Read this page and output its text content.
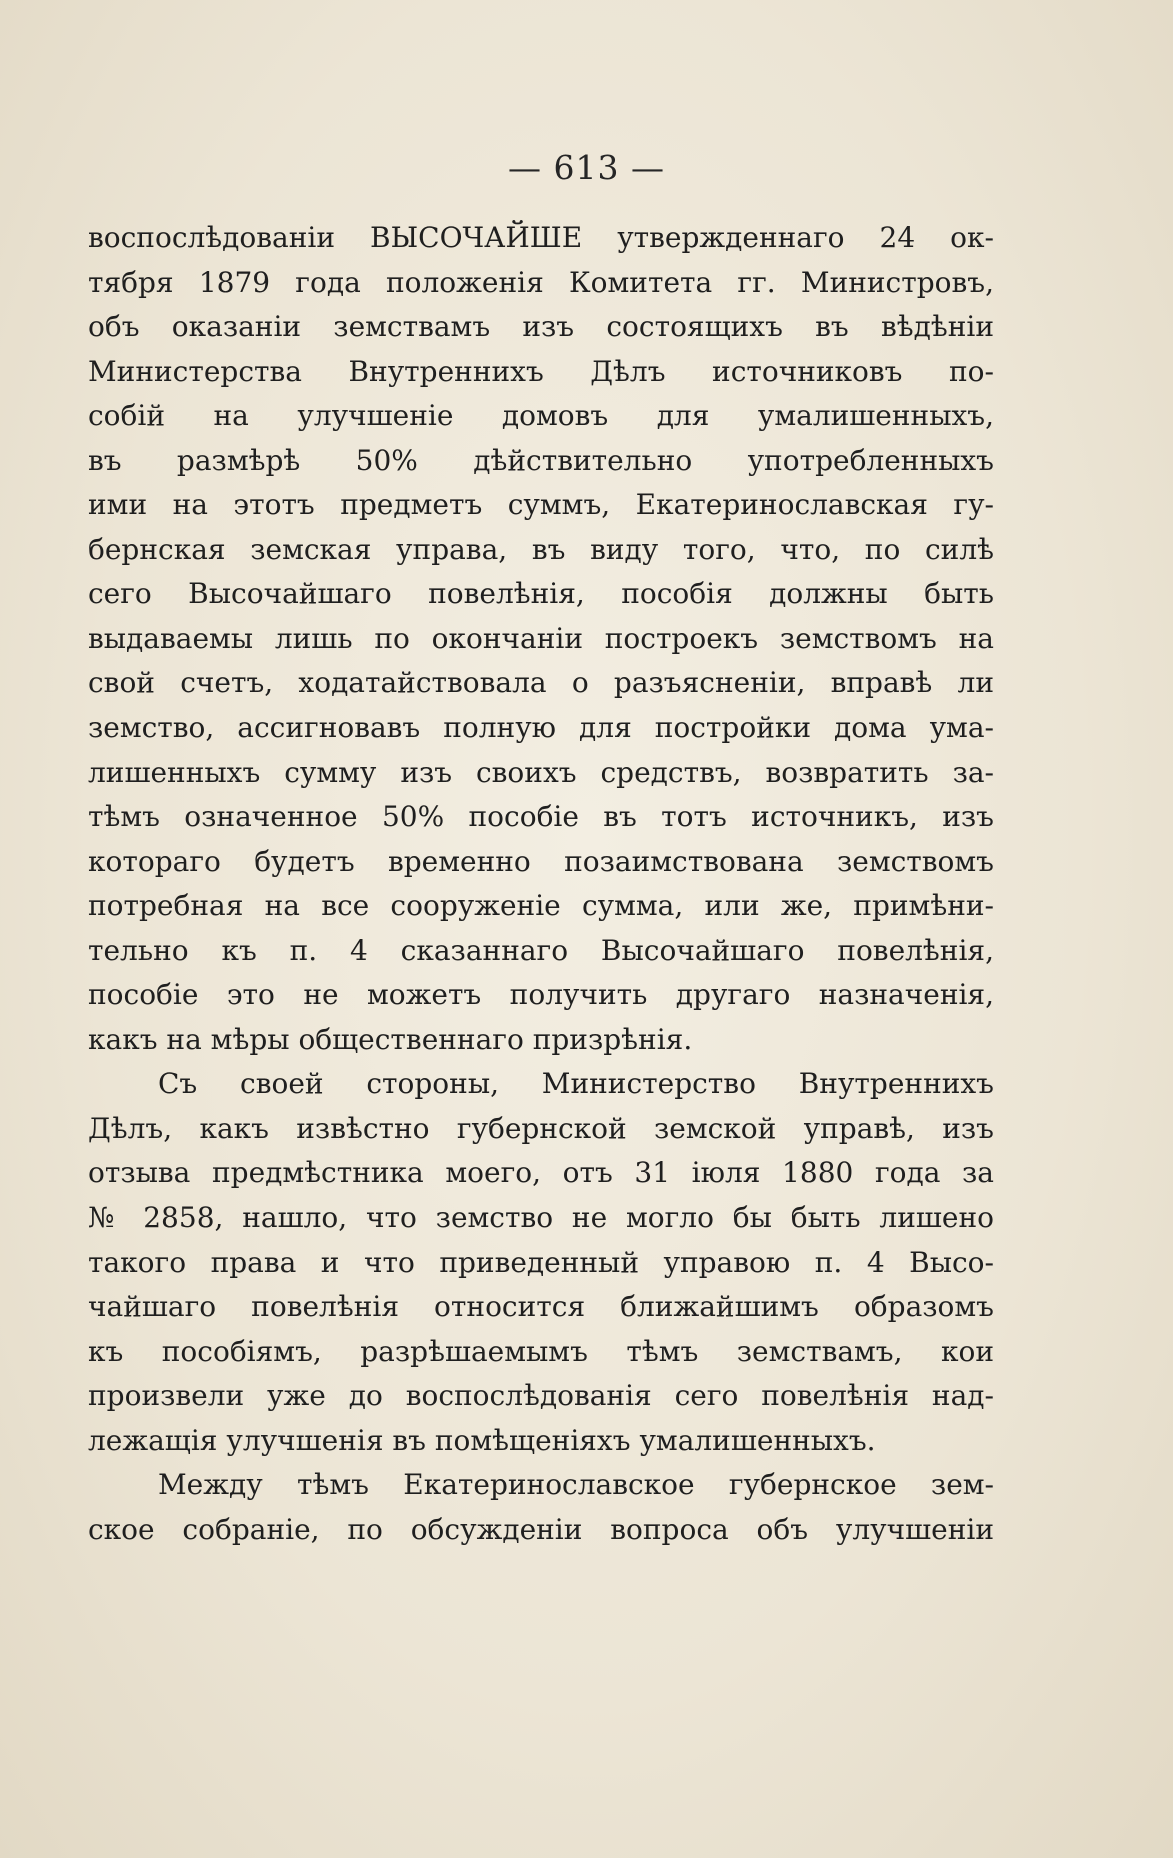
— 613 —
воспослѣдованіи ВЫСОЧАЙШЕ утвержденнаго 24 ок-
тября 1879 года положенія Комитета гг. Министровъ,
объ оказаніи земствамъ изъ состоящихъ въ вѣдѣніи
Министерства Внутреннихъ Дѣлъ источниковъ по-
собій на улучшеніе домовъ для умалишенныхъ,
въ размѣрѣ 50% дѣйствительно употребленныхъ
ими на этотъ предметъ суммъ, Екатеринославская гу-
бернская земская управа, въ виду того, что, по силѣ
сего Высочайшаго повелѣнія, пособія должны быть
выдаваемы лишь по окончаніи построекъ земствомъ на
свой счетъ, ходатайствовала о разъясненіи, вправѣ ли
земство, ассигновавъ полную для постройки дома ума-
лишенныхъ сумму изъ своихъ средствъ, возвратить за-
тѣмъ означенное 50% пособіе въ тотъ источникъ, изъ
котораго будетъ временно позаимствована земствомъ
потребная на все сооруженіе сумма, или же, примѣни-
тельно къ п. 4 сказаннаго Высочайшаго повелѣнія,
пособіе это не можетъ получить другаго назначенія,
какъ на мѣры общественнаго призрѣнія.
Съ своей стороны, Министерство Внутреннихъ
Дѣлъ, какъ извѣстно губернской земской управѣ, изъ
отзыва предмѣстника моего, отъ 31 іюля 1880 года за
№ 2858, нашло, что земство не могло бы быть лишено
такого права и что приведенный управою п. 4 Высо-
чайшаго повелѣнія относится ближайшимъ образомъ
къ пособіямъ, разрѣшаемымъ тѣмъ земствамъ, кои
произвели уже до воспослѣдованія сего повелѣнія над-
лежащія улучшенія въ помѣщеніяхъ умалишенныхъ.
Между тѣмъ Екатеринославское губернское зем-
ское собраніе, по обсужденіи вопроса объ улучшеніи
